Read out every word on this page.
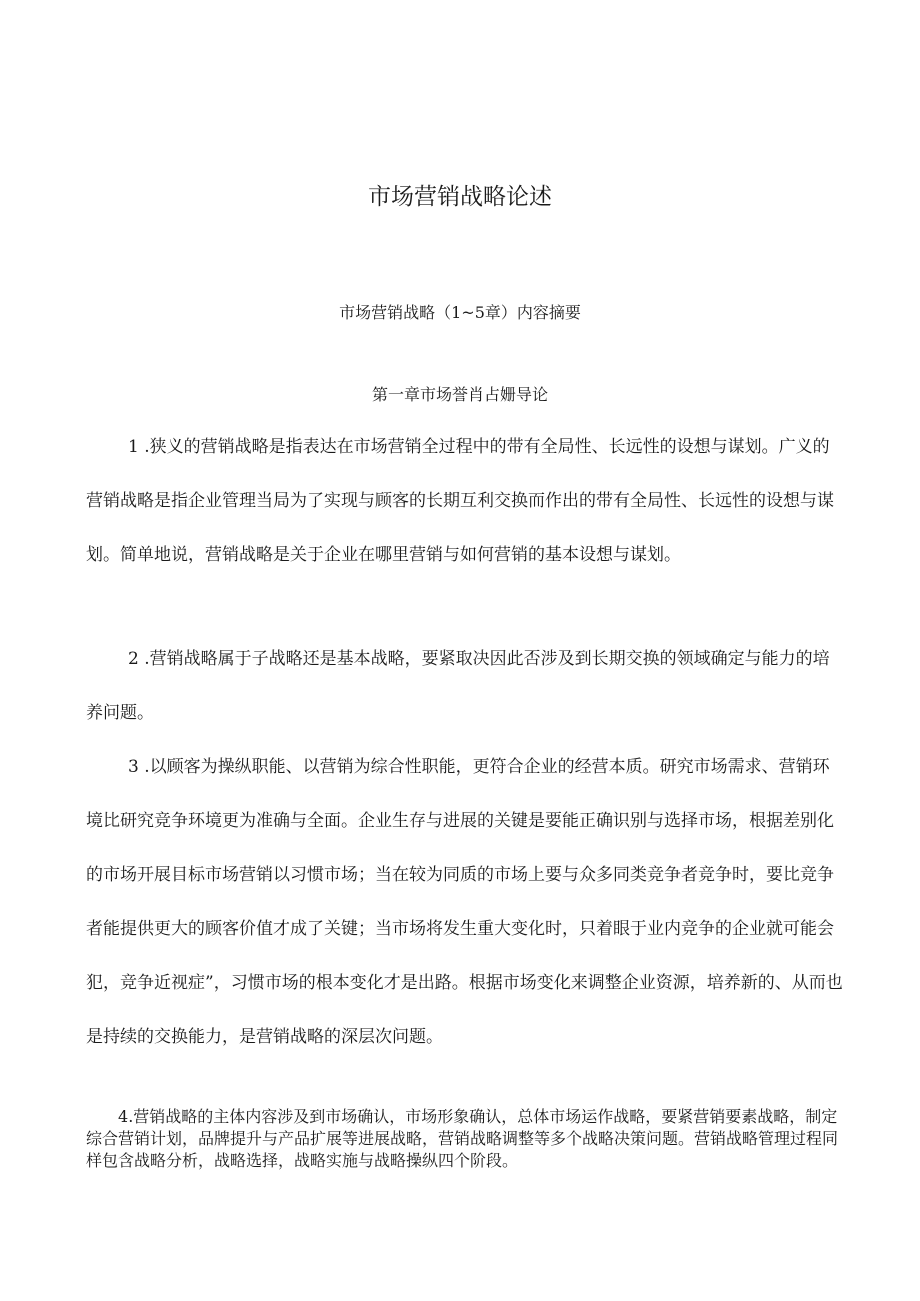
市场营销战略论述
市场营销战略（1~5章）内容摘要
第一章市场誉肖占姗导论

1 .狭义的营销战略是指表达在市场营销全过程中的带有全局性、长远性的设想与谋划。广义的营销战略是指企业管理当局为了实现与顾客的长期互利交换而作出的带有全局性、长远性的设想与谋划。简单地说，营销战略是关于企业在哪里营销与如何营销的基本设想与谋划。

2 .营销战略属于子战略还是基本战略，要紧取决因此否涉及到长期交换的领域确定与能力的培养问题。

3 .以顾客为操纵职能、以营销为综合性职能，更符合企业的经营本质。研究市场需求、营销环境比研究竞争环境更为准确与全面。企业生存与进展的关键是要能正确识别与选择市场，根据差别化的市场开展目标市场营销以习惯市场；当在较为同质的市场上要与众多同类竞争者竞争时，要比竞争者能提供更大的顾客价值才成了关键；当市场将发生重大变化时，只着眼于业内竞争的企业就可能会犯，竞争近视症”，习惯市场的根本变化才是出路。根据市场变化来调整企业资源，培养新的、从而也是持续的交换能力，是营销战略的深层次问题。

4.营销战略的主体内容涉及到市场确认，市场形象确认，总体市场运作战略，要紧营销要素战略，制定综合营销计划，品牌提升与产品扩展等进展战略，营销战略调整等多个战略决策问题。营销战略管理过程同样包含战略分析，战略选择，战略实施与战略操纵四个阶段。
